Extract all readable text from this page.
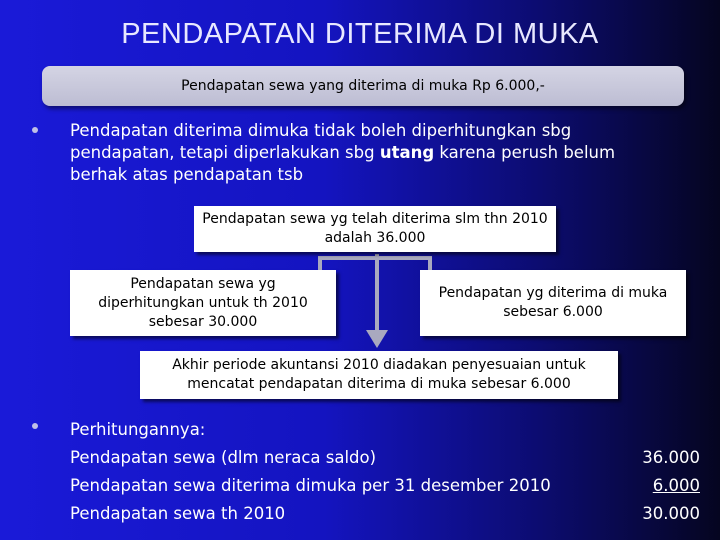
PENDAPATAN DITERIMA DI MUKA
Pendapatan sewa yang diterima di muka Rp 6.000,-
Pendapatan diterima dimuka tidak boleh diperhitungkan sbg pendapatan, tetapi diperlakukan sbg utang karena perush belum berhak atas pendapatan tsb
Pendapatan sewa yg telah diterima slm thn 2010 adalah 36.000
Pendapatan sewa yg diperhitungkan untuk th 2010 sebesar 30.000
Pendapatan yg diterima di muka sebesar 6.000
Akhir periode akuntansi 2010 diadakan penyesuaian untuk mencatat pendapatan diterima di muka sebesar 6.000
Perhitungannya:
Pendapatan sewa (dlm neraca saldo)	36.000
Pendapatan sewa diterima dimuka per 31 desember 2010	6.000
Pendapatan sewa th 2010	30.000
